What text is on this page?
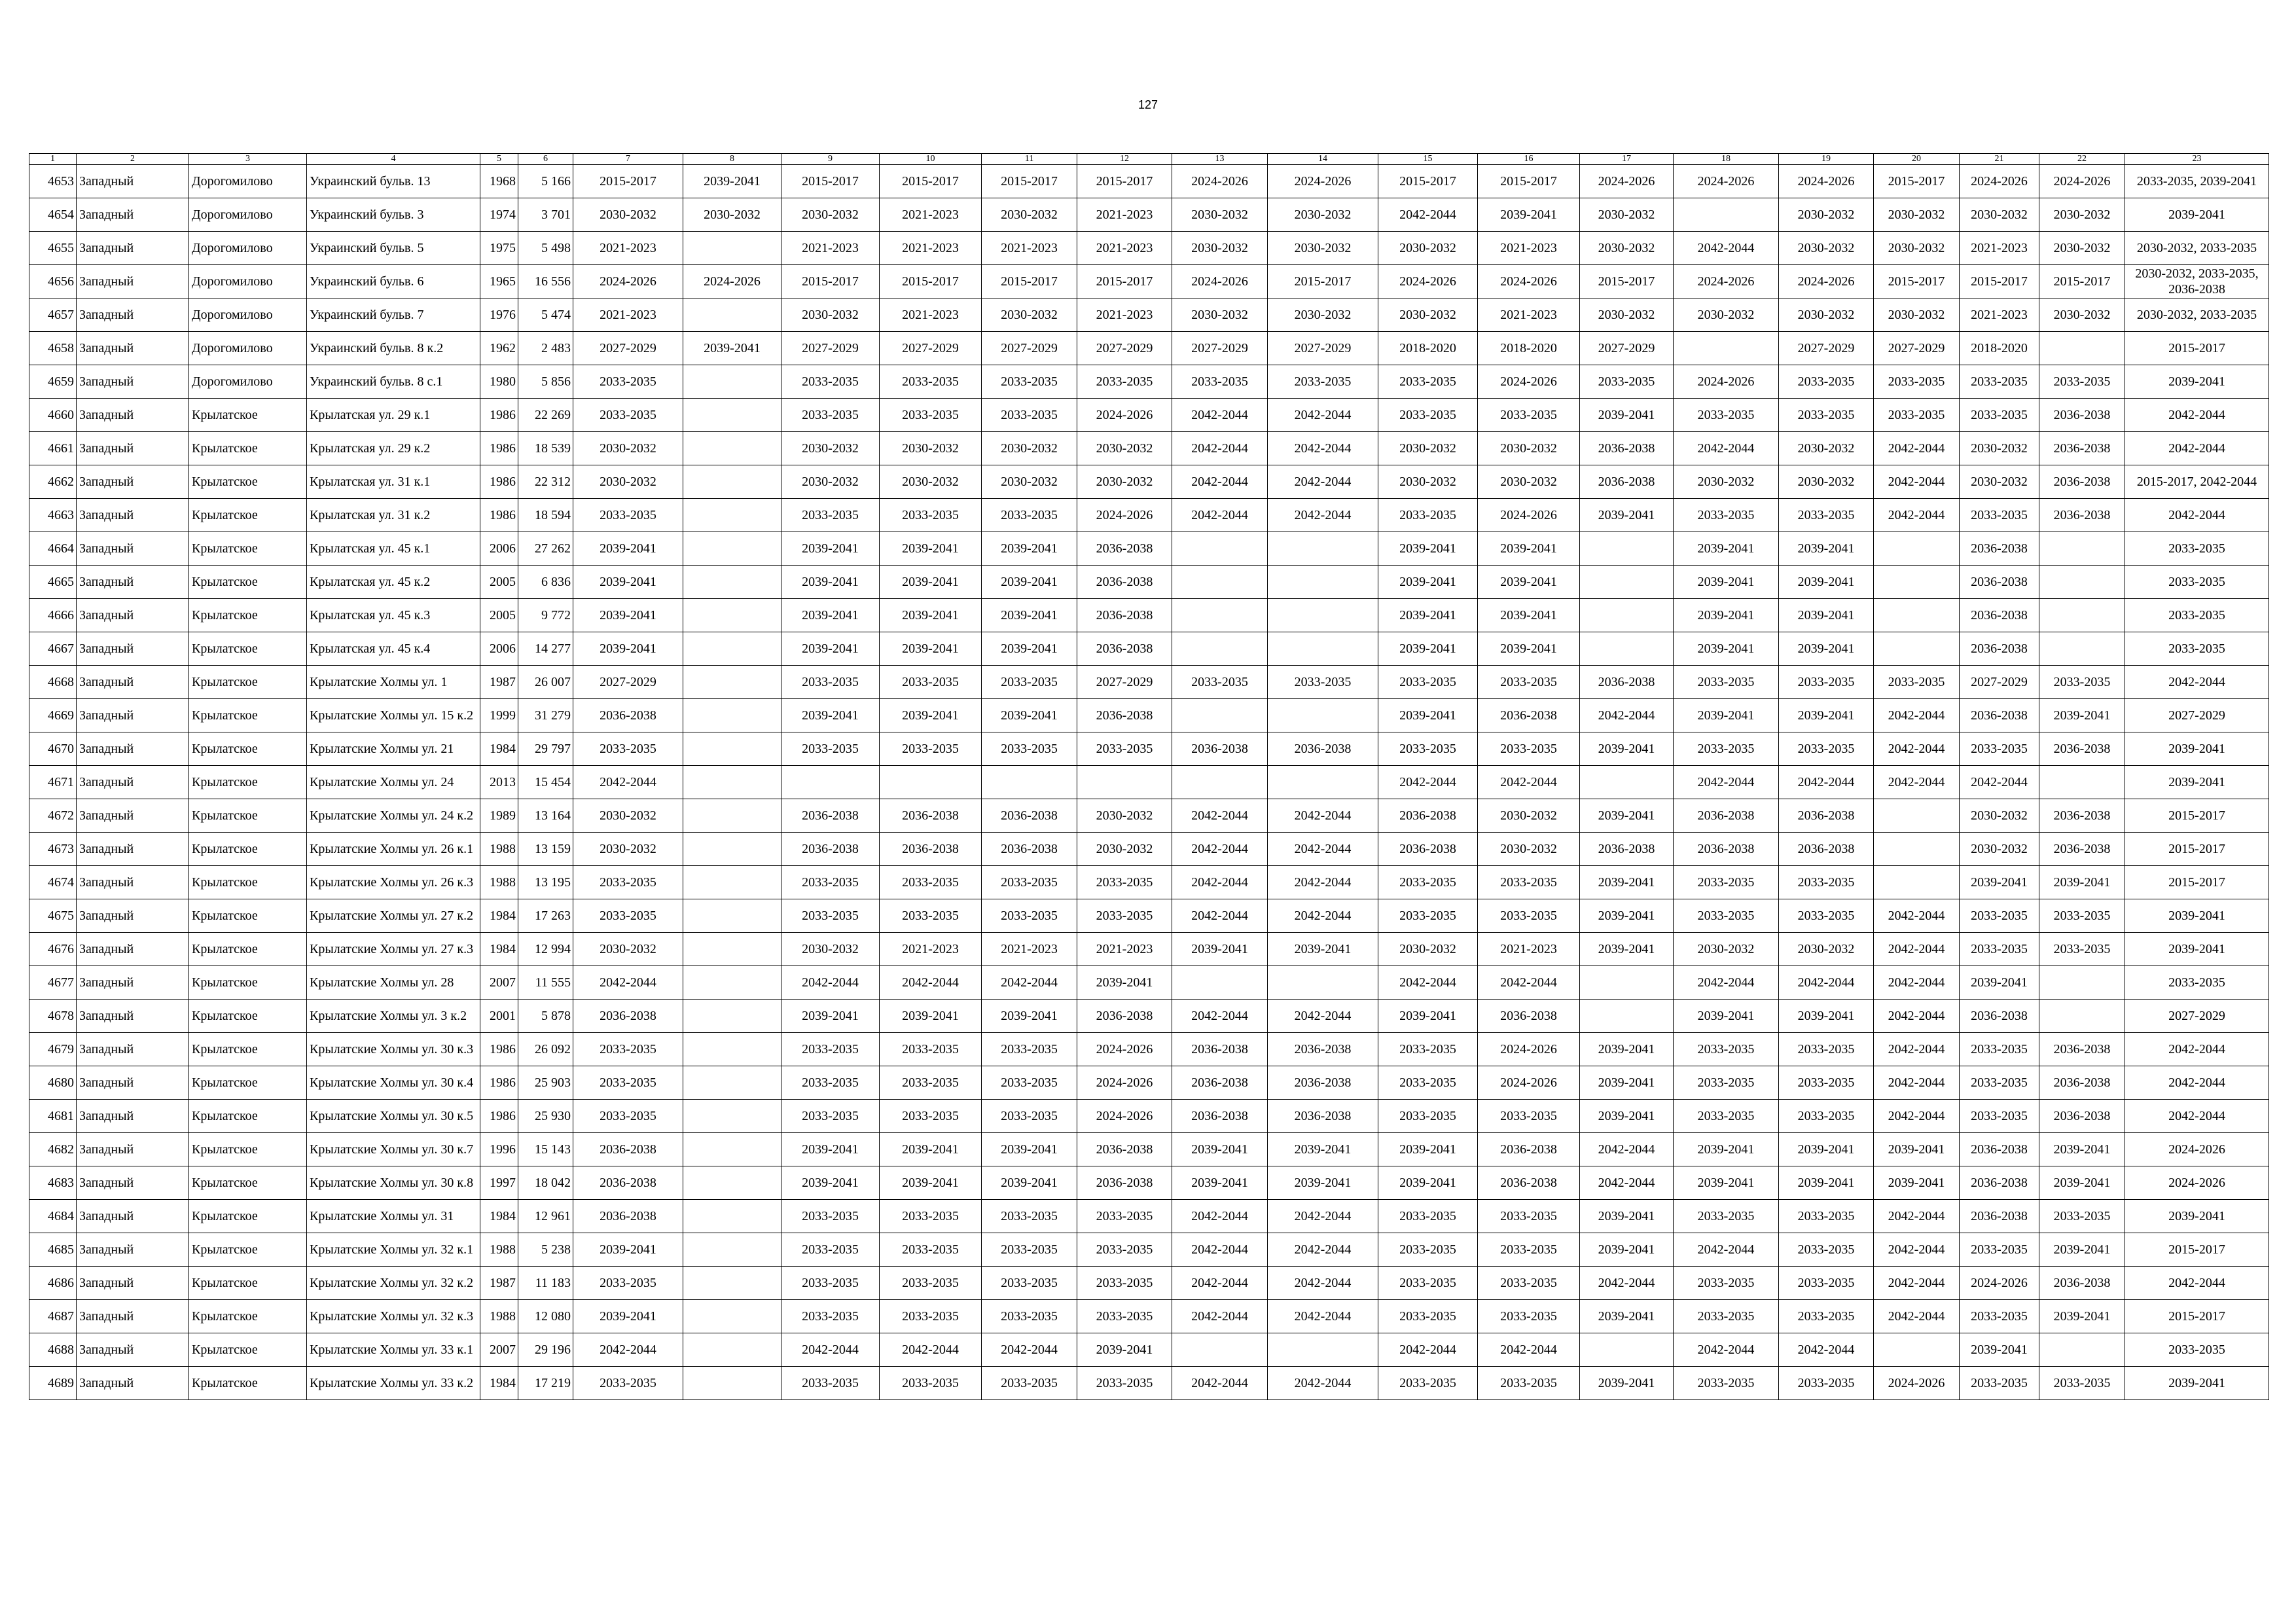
127
1	2	3	4	5	6	7	8	9	10	11	12	13	14	15	16	17	18	19	20	21	22	23
4653	Западный	Дорогомилово	Украинский бульв. 13	1968	5 166	2015-2017	2039-2041	2015-2017	2015-2017	2015-2017	2015-2017	2024-2026	2024-2026	2015-2017	2015-2017	2024-2026	2024-2026	2024-2026	2015-2017	2024-2026	2024-2026	2033-2035, 2039-2041
4654	Западный	Дорогомилово	Украинский бульв. 3	1974	3 701	2030-2032	2030-2032	2030-2032	2021-2023	2030-2032	2021-2023	2030-2032	2030-2032	2042-2044	2039-2041	2030-2032		2030-2032	2030-2032	2030-2032	2030-2032	2039-2041
4655	Западный	Дорогомилово	Украинский бульв. 5	1975	5 498	2021-2023		2021-2023	2021-2023	2021-2023	2021-2023	2030-2032	2030-2032	2030-2032	2021-2023	2030-2032	2042-2044	2030-2032	2030-2032	2021-2023	2030-2032	2030-2032, 2033-2035
4656	Западный	Дорогомилово	Украинский бульв. 6	1965	16 556	2024-2026	2024-2026	2015-2017	2015-2017	2015-2017	2015-2017	2024-2026	2015-2017	2024-2026	2024-2026	2015-2017	2024-2026	2024-2026	2015-2017	2015-2017	2015-2017	2030-2032, 2033-2035, 2036-2038
4657	Западный	Дорогомилово	Украинский бульв. 7	1976	5 474	2021-2023		2030-2032	2021-2023	2030-2032	2021-2023	2030-2032	2030-2032	2030-2032	2021-2023	2030-2032	2030-2032	2030-2032	2030-2032	2021-2023	2030-2032	2030-2032, 2033-2035
4658	Западный	Дорогомилово	Украинский бульв. 8 к.2	1962	2 483	2027-2029	2039-2041	2027-2029	2027-2029	2027-2029	2027-2029	2027-2029	2027-2029	2018-2020	2018-2020	2027-2029		2027-2029	2027-2029	2018-2020		2015-2017
4659	Западный	Дорогомилово	Украинский бульв. 8 с.1	1980	5 856	2033-2035		2033-2035	2033-2035	2033-2035	2033-2035	2033-2035	2033-2035	2033-2035	2024-2026	2033-2035	2024-2026	2033-2035	2033-2035	2033-2035	2033-2035	2039-2041
4660	Западный	Крылатское	Крылатская ул. 29 к.1	1986	22 269	2033-2035		2033-2035	2033-2035	2033-2035	2024-2026	2042-2044	2042-2044	2033-2035	2033-2035	2039-2041	2033-2035	2033-2035	2033-2035	2033-2035	2036-2038	2042-2044
4661	Западный	Крылатское	Крылатская ул. 29 к.2	1986	18 539	2030-2032		2030-2032	2030-2032	2030-2032	2030-2032	2042-2044	2042-2044	2030-2032	2030-2032	2036-2038	2042-2044	2030-2032	2042-2044	2030-2032	2036-2038	2042-2044
4662	Западный	Крылатское	Крылатская ул. 31 к.1	1986	22 312	2030-2032		2030-2032	2030-2032	2030-2032	2030-2032	2042-2044	2042-2044	2030-2032	2030-2032	2036-2038	2030-2032	2030-2032	2042-2044	2030-2032	2036-2038	2015-2017, 2042-2044
4663	Западный	Крылатское	Крылатская ул. 31 к.2	1986	18 594	2033-2035		2033-2035	2033-2035	2033-2035	2024-2026	2042-2044	2042-2044	2033-2035	2024-2026	2039-2041	2033-2035	2033-2035	2042-2044	2033-2035	2036-2038	2042-2044
4664	Западный	Крылатское	Крылатская ул. 45 к.1	2006	27 262	2039-2041		2039-2041	2039-2041	2039-2041	2036-2038			2039-2041	2039-2041		2039-2041	2039-2041		2036-2038		2033-2035
4665	Западный	Крылатское	Крылатская ул. 45 к.2	2005	6 836	2039-2041		2039-2041	2039-2041	2039-2041	2036-2038			2039-2041	2039-2041		2039-2041	2039-2041		2036-2038		2033-2035
4666	Западный	Крылатское	Крылатская ул. 45 к.3	2005	9 772	2039-2041		2039-2041	2039-2041	2039-2041	2036-2038			2039-2041	2039-2041		2039-2041	2039-2041		2036-2038		2033-2035
4667	Западный	Крылатское	Крылатская ул. 45 к.4	2006	14 277	2039-2041		2039-2041	2039-2041	2039-2041	2036-2038			2039-2041	2039-2041		2039-2041	2039-2041		2036-2038		2033-2035
4668	Западный	Крылатское	Крылатские Холмы ул. 1	1987	26 007	2027-2029		2033-2035	2033-2035	2033-2035	2027-2029	2033-2035	2033-2035	2033-2035	2033-2035	2036-2038	2033-2035	2033-2035	2033-2035	2027-2029	2033-2035	2042-2044
4669	Западный	Крылатское	Крылатские Холмы ул. 15 к.2	1999	31 279	2036-2038		2039-2041	2039-2041	2039-2041	2036-2038			2039-2041	2036-2038	2042-2044	2039-2041	2039-2041	2042-2044	2036-2038	2039-2041	2027-2029
4670	Западный	Крылатское	Крылатские Холмы ул. 21	1984	29 797	2033-2035		2033-2035	2033-2035	2033-2035	2033-2035	2036-2038	2036-2038	2033-2035	2033-2035	2039-2041	2033-2035	2033-2035	2042-2044	2033-2035	2036-2038	2039-2041
4671	Западный	Крылатское	Крылатские Холмы ул. 24	2013	15 454	2042-2044								2042-2044	2042-2044		2042-2044	2042-2044	2042-2044	2042-2044		2039-2041
4672	Западный	Крылатское	Крылатские Холмы ул. 24 к.2	1989	13 164	2030-2032		2036-2038	2036-2038	2036-2038	2030-2032	2042-2044	2042-2044	2036-2038	2030-2032	2039-2041	2036-2038	2036-2038		2030-2032	2036-2038	2015-2017
4673	Западный	Крылатское	Крылатские Холмы ул. 26 к.1	1988	13 159	2030-2032		2036-2038	2036-2038	2036-2038	2030-2032	2042-2044	2042-2044	2036-2038	2030-2032	2036-2038	2036-2038	2036-2038		2030-2032	2036-2038	2015-2017
4674	Западный	Крылатское	Крылатские Холмы ул. 26 к.3	1988	13 195	2033-2035		2033-2035	2033-2035	2033-2035	2033-2035	2042-2044	2042-2044	2033-2035	2033-2035	2039-2041	2033-2035	2033-2035		2039-2041	2039-2041	2015-2017
4675	Западный	Крылатское	Крылатские Холмы ул. 27 к.2	1984	17 263	2033-2035		2033-2035	2033-2035	2033-2035	2033-2035	2042-2044	2042-2044	2033-2035	2033-2035	2039-2041	2033-2035	2033-2035	2042-2044	2033-2035	2033-2035	2039-2041
4676	Западный	Крылатское	Крылатские Холмы ул. 27 к.3	1984	12 994	2030-2032		2030-2032	2021-2023	2021-2023	2021-2023	2039-2041	2039-2041	2030-2032	2021-2023	2039-2041	2030-2032	2030-2032	2042-2044	2033-2035	2033-2035	2039-2041
4677	Западный	Крылатское	Крылатские Холмы ул. 28	2007	11 555	2042-2044		2042-2044	2042-2044	2042-2044	2039-2041			2042-2044	2042-2044		2042-2044	2042-2044	2042-2044	2039-2041		2033-2035
4678	Западный	Крылатское	Крылатские Холмы ул. 3 к.2	2001	5 878	2036-2038		2039-2041	2039-2041	2039-2041	2036-2038	2042-2044	2042-2044	2039-2041	2036-2038		2039-2041	2039-2041	2042-2044	2036-2038		2027-2029
4679	Западный	Крылатское	Крылатские Холмы ул. 30 к.3	1986	26 092	2033-2035		2033-2035	2033-2035	2033-2035	2024-2026	2036-2038	2036-2038	2033-2035	2024-2026	2039-2041	2033-2035	2033-2035	2042-2044	2033-2035	2036-2038	2042-2044
4680	Западный	Крылатское	Крылатские Холмы ул. 30 к.4	1986	25 903	2033-2035		2033-2035	2033-2035	2033-2035	2024-2026	2036-2038	2036-2038	2033-2035	2024-2026	2039-2041	2033-2035	2033-2035	2042-2044	2033-2035	2036-2038	2042-2044
4681	Западный	Крылатское	Крылатские Холмы ул. 30 к.5	1986	25 930	2033-2035		2033-2035	2033-2035	2033-2035	2024-2026	2036-2038	2036-2038	2033-2035	2033-2035	2039-2041	2033-2035	2033-2035	2042-2044	2033-2035	2036-2038	2042-2044
4682	Западный	Крылатское	Крылатские Холмы ул. 30 к.7	1996	15 143	2036-2038		2039-2041	2039-2041	2039-2041	2036-2038	2039-2041	2039-2041	2039-2041	2036-2038	2042-2044	2039-2041	2039-2041	2039-2041	2036-2038	2039-2041	2024-2026
4683	Западный	Крылатское	Крылатские Холмы ул. 30 к.8	1997	18 042	2036-2038		2039-2041	2039-2041	2039-2041	2036-2038	2039-2041	2039-2041	2039-2041	2036-2038	2042-2044	2039-2041	2039-2041	2039-2041	2036-2038	2039-2041	2024-2026
4684	Западный	Крылатское	Крылатские Холмы ул. 31	1984	12 961	2036-2038		2033-2035	2033-2035	2033-2035	2033-2035	2042-2044	2042-2044	2033-2035	2033-2035	2039-2041	2033-2035	2033-2035	2042-2044	2036-2038	2033-2035	2039-2041
4685	Западный	Крылатское	Крылатские Холмы ул. 32 к.1	1988	5 238	2039-2041		2033-2035	2033-2035	2033-2035	2033-2035	2042-2044	2042-2044	2033-2035	2033-2035	2039-2041	2042-2044	2033-2035	2042-2044	2033-2035	2039-2041	2015-2017
4686	Западный	Крылатское	Крылатские Холмы ул. 32 к.2	1987	11 183	2033-2035		2033-2035	2033-2035	2033-2035	2033-2035	2042-2044	2042-2044	2033-2035	2033-2035	2042-2044	2033-2035	2033-2035	2042-2044	2024-2026	2036-2038	2042-2044
4687	Западный	Крылатское	Крылатские Холмы ул. 32 к.3	1988	12 080	2039-2041		2033-2035	2033-2035	2033-2035	2033-2035	2042-2044	2042-2044	2033-2035	2033-2035	2039-2041	2033-2035	2033-2035	2042-2044	2033-2035	2039-2041	2015-2017
4688	Западный	Крылатское	Крылатские Холмы ул. 33 к.1	2007	29 196	2042-2044		2042-2044	2042-2044	2042-2044	2039-2041			2042-2044	2042-2044		2042-2044	2042-2044		2039-2041		2033-2035
4689	Западный	Крылатское	Крылатские Холмы ул. 33 к.2	1984	17 219	2033-2035		2033-2035	2033-2035	2033-2035	2033-2035	2042-2044	2042-2044	2033-2035	2033-2035	2039-2041	2033-2035	2033-2035	2024-2026	2033-2035	2033-2035	2039-2041
